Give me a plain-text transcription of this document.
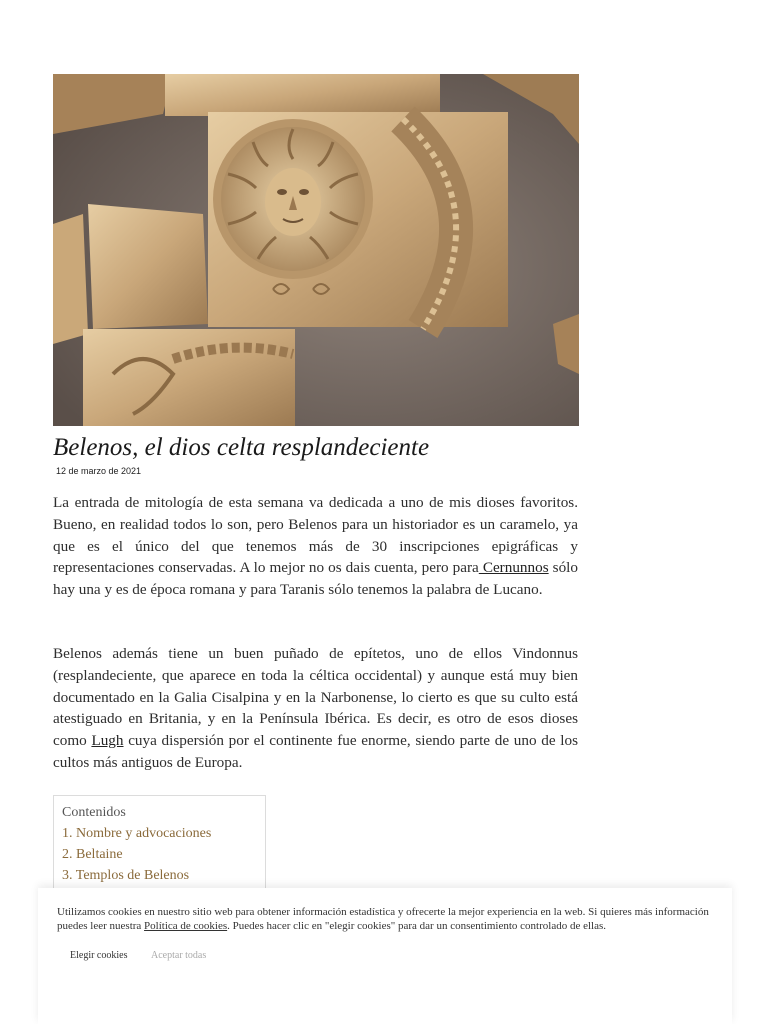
Belenos, el dios celta resplandeciente
12 de marzo de 2021

La entrada de mitología de esta semana va dedicada a uno de mis dioses favoritos. Bueno, en realidad todos lo son, pero Belenos para un historiador es un caramelo, ya que es el único del que tenemos más de 30 inscripciones epigráficas y representaciones conservadas. A lo mejor no os dais cuenta, pero para Cernunnos sólo hay una y es de época romana y para Taranis sólo tenemos la palabra de Lucano.

Belenos además tiene un buen puñado de epítetos, uno de ellos Vindonnus (resplandeciente, que aparece en toda la céltica occidental) y aunque está muy bien documentado en la Galia Cisalpina y en la Narbonense, lo cierto es que su culto está atestiguado en Britania, y en la Península Ibérica. Es decir, es otro de esos dioses como Lugh cuya dispersión por el continente fue enorme, siendo parte de uno de los cultos más antiguos de Europa.

Contenidos
1. Nombre y advocaciones
2. Beltaine
3. Templos de Belenos

Utilizamos cookies en nuestro sitio web para obtener información estadística y ofrecerte la mejor experiencia en la web. Si quieres más información puedes leer nuestra Política de cookies. Puedes hacer clic en "elegir cookies" para dar un consentimiento controlado de ellas.

Elegir cookies Aceptar todas
